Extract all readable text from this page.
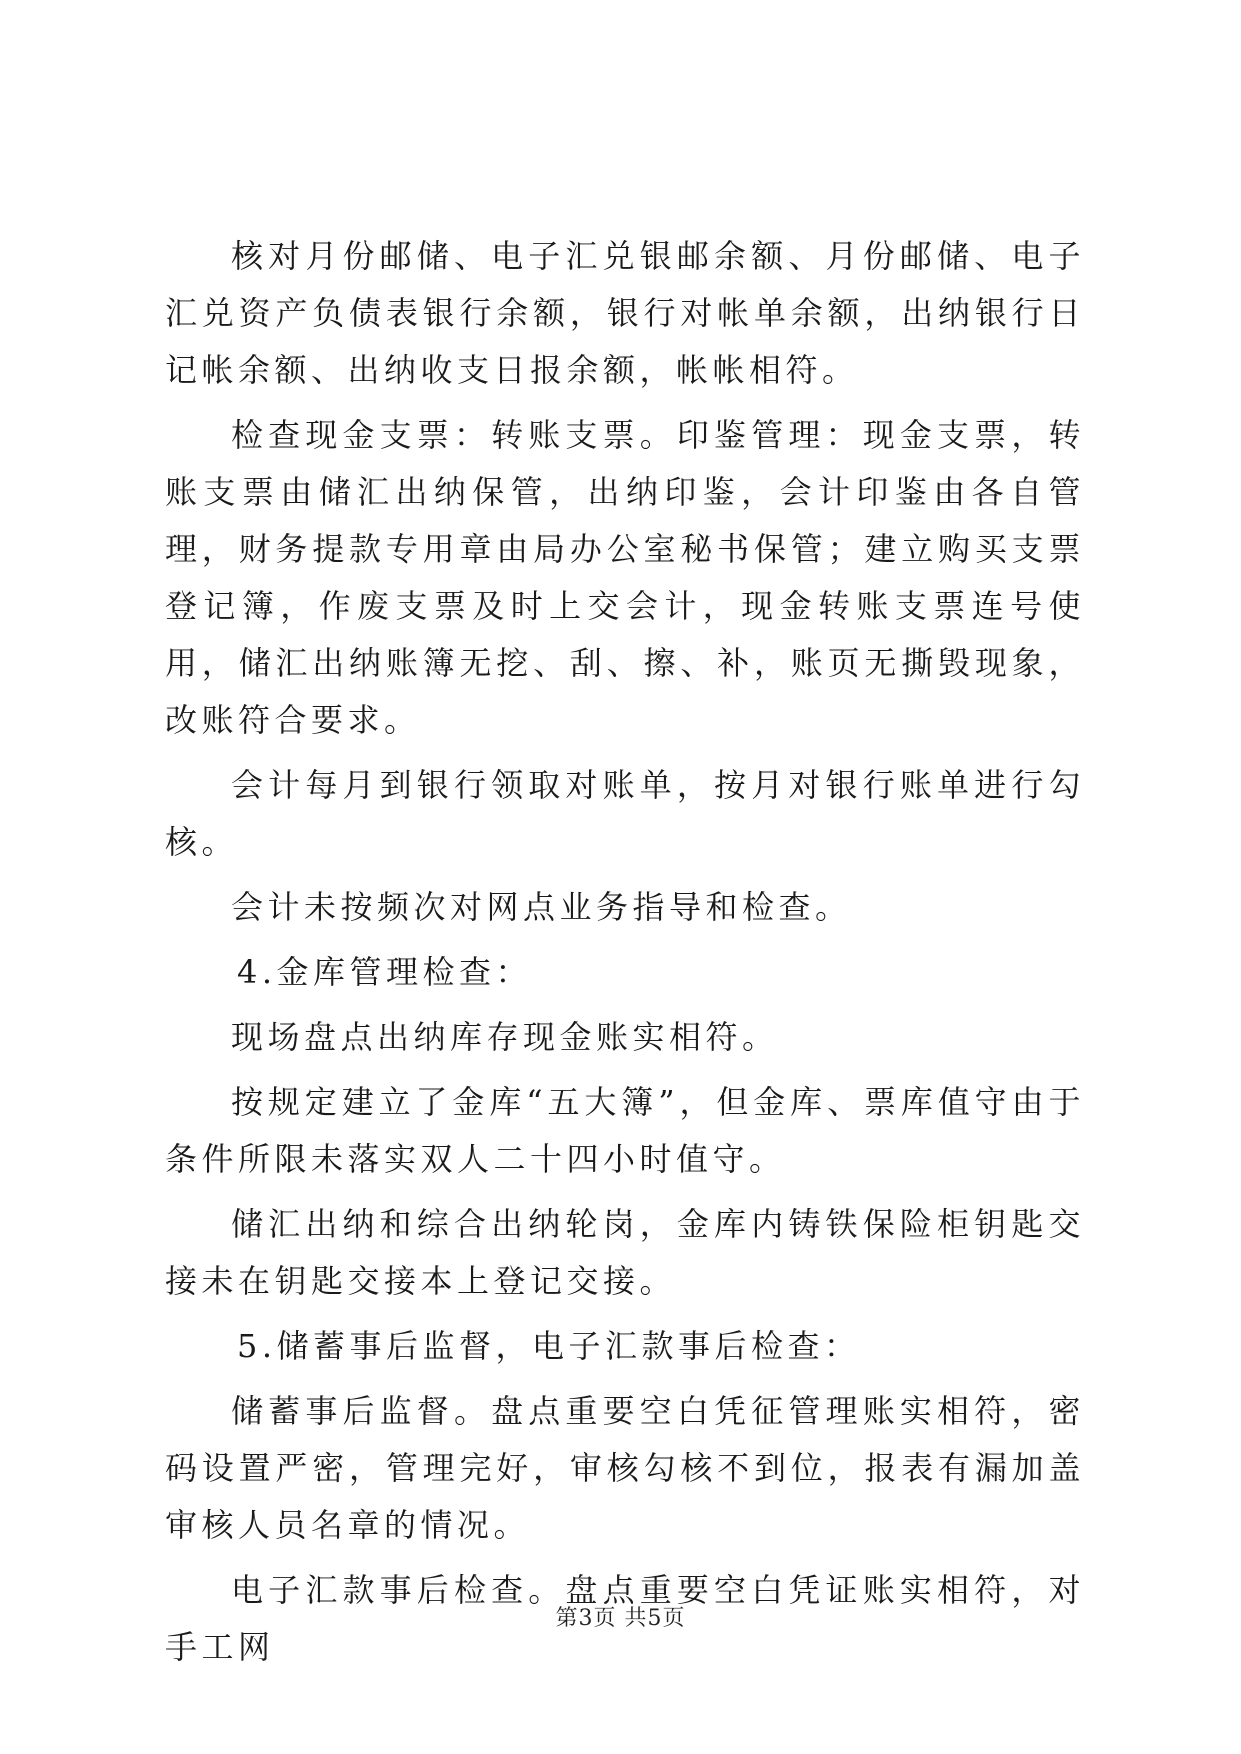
核对月份邮储、电子汇兑银邮余额、月份邮储、电子汇兑资产负债表银行余额，银行对帐单余额，出纳银行日记帐余额、出纳收支日报余额，帐帐相符。

检查现金支票：转账支票。印鉴管理：现金支票，转账支票由储汇出纳保管，出纳印鉴，会计印鉴由各自管理，财务提款专用章由局办公室秘书保管；建立购买支票登记簿，作废支票及时上交会计，现金转账支票连号使用，储汇出纳账簿无挖、刮、擦、补，账页无撕毁现象，改账符合要求。

会计每月到银行领取对账单，按月对银行账单进行勾核。

会计未按频次对网点业务指导和检查。

4.金库管理检查：

现场盘点出纳库存现金账实相符。

按规定建立了金库“五大簿”，但金库、票库值守由于条件所限未落实双人二十四小时值守。

储汇出纳和综合出纳轮岗，金库内铸铁保险柜钥匙交接未在钥匙交接本上登记交接。

5.储蓄事后监督，电子汇款事后检查：

储蓄事后监督。盘点重要空白凭征管理账实相符，密码设置严密，管理完好，审核勾核不到位，报表有漏加盖审核人员名章的情况。

电子汇款事后检查。盘点重要空白凭证账实相符，对手工网

第3页 共5页
